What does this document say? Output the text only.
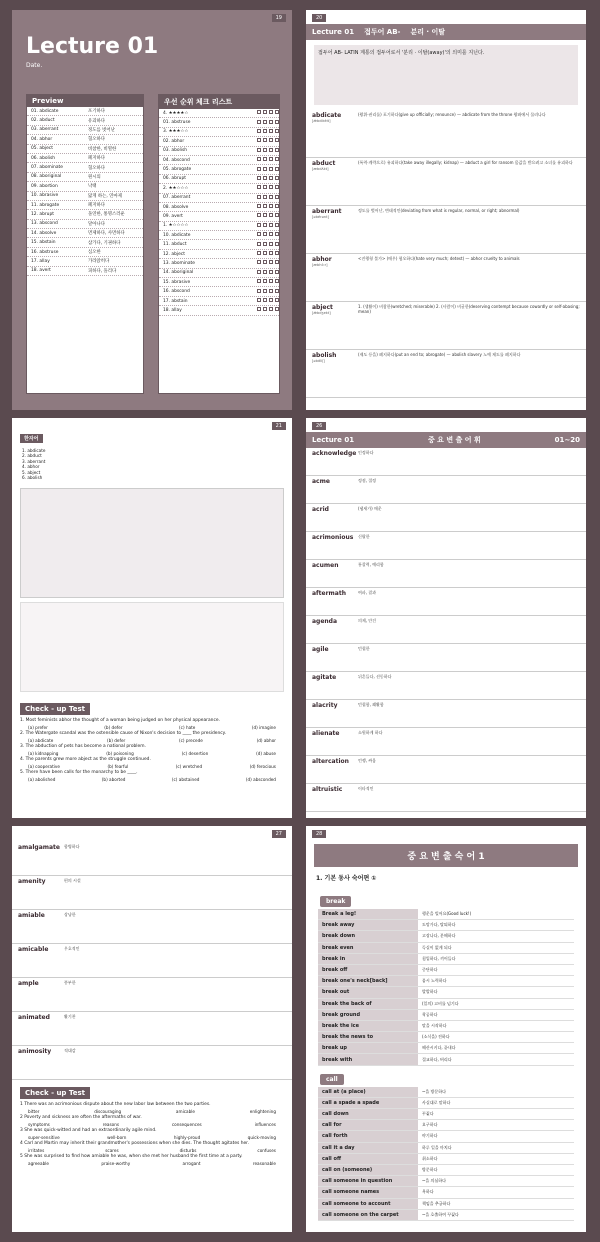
19
Lecture 01
Date.
Preview
01. abdicate	포기하다
02. abduct	유괴하다
03. aberrant	정도를 벗어난
04. abhor	혐오하다
05. abject	비참한, 비열한
06. abolish	폐지하다
07. abominate	혐오하다
08. aboriginal	원시의
09. abortion	낙태
10. abrasive	닳게 하는, 연마제
11. abrogate	폐지하다
12. abrupt	돌연한, 퉁명스러운
13. abscond	달아나다
14. absolve	면제하다, 사면하다
15. abstain	삼가다, 기권하다
16. abstruse	심오한
17. allay	가라앉히다
18. avert	피하다, 돌리다
우선 순위 체크 리스트
4. ★★★★☆
01. abstruse
3. ★★★☆☆
02. abhor
03. abolish
04. abscond
05. abrogate
06. abrupt
2. ★★☆☆☆
07. aberrant
08. absolve
09. avert
1. ★☆☆☆☆
10. abdicate
11. abduct
12. abject
13. abominate
14. aboriginal
15. abrasive
16. abscond
17. abstain
18. allay
20
Lecture 01 접두어 AB- 분리 · 이탈
접두어 AB- LATIN 계통의 접두어로서 '분리 · 이탈(away)'의 의미를 지닌다.
abdicate
[ǽbdikèit]
(왕위·권리를) 포기하다(give up officially; renounce) — abdicate from the throne 왕좌에서 물러나다
abduct
[æbdʌ́kt]
(폭력·계략으로) 유괴하다(take away illegally; kidnap) — abduct a girl for ransom 몸값을 받으려고 소녀를 유괴하다
aberrant
[əbérənt]
정도를 벗어난, 변태적인(deviating from what is regular, normal, or right; abnormal)
abhor
[æbhɔ́ːr]
<진행형 불가> (매우) 혐오하다(hate very much; detest) — abhor cruelty to animals
abject
[ǽbdʒekt]
1. (생활이) 비참한(wretched; miserable) 2. (사람이) 비굴한(deserving contempt because cowardly or self-abasing; mean)
abolish
[əbɑ́liʃ]
(제도 등을) 폐지하다(put an end to; abrogate) — abolish slavery 노예 제도를 폐지하다
21
한자어
1. abdicate
2. abduct
3. aberrant
4. abhor
5. abject
6. abolish
Check - up Test
1. Most feminists abhor the thought of a woman being judged on her physical appearance.
(a) prefer	(b) defer	(c) hate	(d) imagine
2. The Watergate scandal was the ostensible cause of Nixon's decision to ____ the presidency.
(a) abdicate	(b) defer	(c) precede	(d) abhor
3. The abduction of pets has become a national problem.
(a) kidnapping	(b) poisoning	(c) desertion	(d) abuse
4. The parents grew more abject as the struggle continued.
(a) cooperative	(b) fearful	(c) wretched	(d) ferocious
5. There have been calls for the monarchy to be ____.
(a) abolished	(b) aborted	(c) abstained	(d) absconded
26
Lecture 01	중 요 변 출 어 휘	01~20
acknowledge 인정하다
acme	정점, 절정
acrid	(냄새가) 매운
acrimonious	신랄한
acumen	통찰력, 예리함
aftermath	여파, 결과
agenda	의제, 안건
agile	민첩한
agitate	뒤흔들다, 선동하다
alacrity	민첩함, 쾌활함
alienate	소원하게 하다
altercation	언쟁, 싸움
altruistic	이타적인
27
amalgamate	합병하다
amenity	편의 시설
amiable	상냥한
amicable	우호적인
ample	풍부한
animated	활기찬
animosity	적대감
Check - up Test
1 There was an acrimonious dispute about the new labor law between the two parties.
bitter	discouraging	amicable	enlightening
2 Poverty and sickness are often the aftermaths of war.
symptoms	reasons	consequences	influences
3 She was quick-witted and had an extraordinarily agile mind.
super-sensitive	well-born	highly-proud	quick-moving
4 Carl and Martin may inherit their grandmother's possessions when she dies. The thought agitates her.
irritates	scares	disturbs	confuses
5 She was surprised to find how amiable he was, when she met her husband the first time at a party.
agreeable	praise-worthy	arrogant	reasonable
28
중 요 변 출 숙 어 1
1. 기본 동사 숙어편 ①
break
Break a leg!	행운을 빌어요(Good luck!)
break away	도망가다, 탈퇴하다
break down	고장나다, 분해하다
break even	득실이 없게 되다
break in	침입하다, 끼어들다
break off	중단하다
break one's neck[back]	몹시 노력하다
break out	발발하다
break the back of	(일의) 고비를 넘기다
break ground	착공하다
break the ice	말을 시작하다
break the news to	(소식을) 전하다
break up	해산시키다, 끝내다
break with	절교하다, 버리다
call
call at (a place)	~을 방문하다
call a spade a spade	사실대로 말하다
call down	꾸짖다
call for	요구하다
call forth	야기하다
call it a day	하루 일을 마치다
call off	취소하다
call on (someone)	방문하다
call someone in question	~을 의심하다
call someone names	욕하다
call someone to account	책임을 추궁하다
call someone on the carpet	~을 호출하여 꾸짖다
